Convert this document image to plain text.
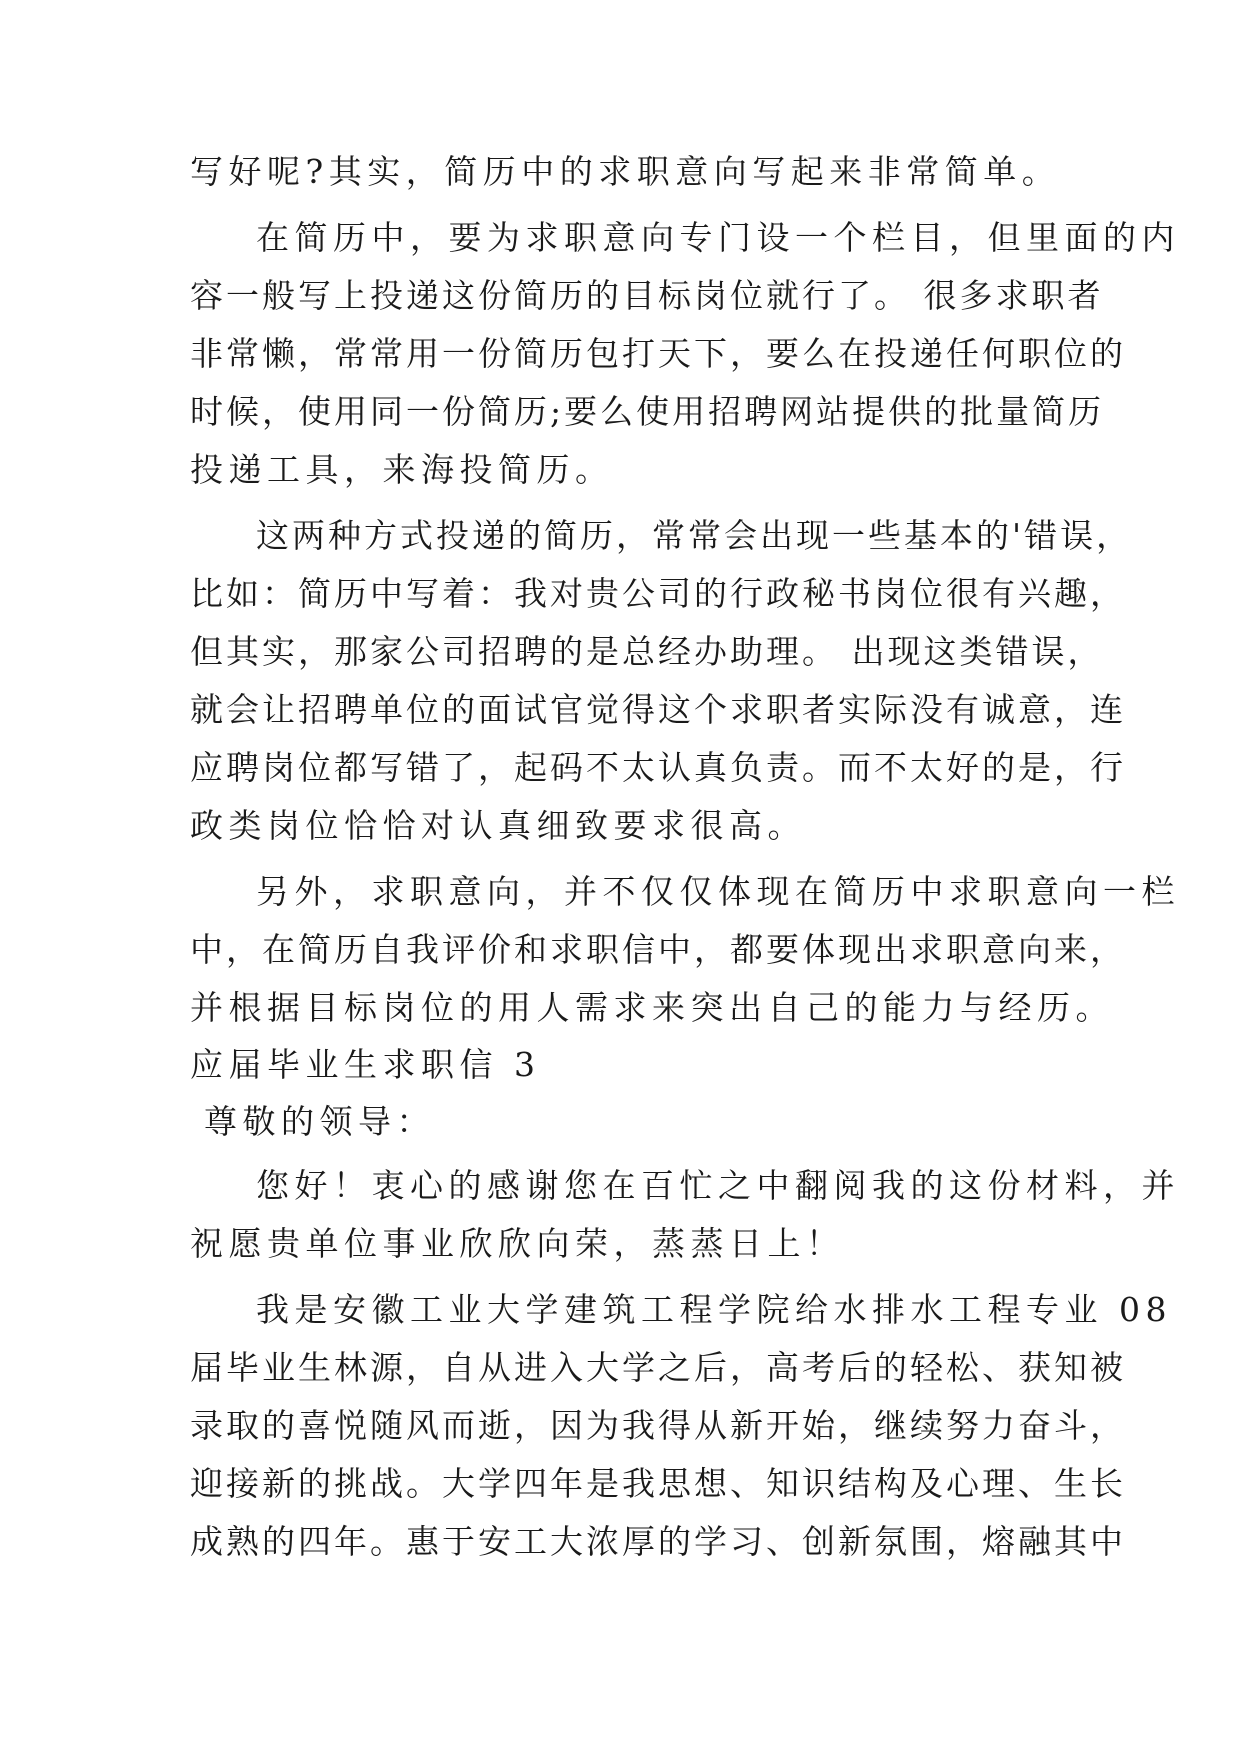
写好呢?其实，简历中的求职意向写起来非常简单。
在简历中，要为求职意向专门设一个栏目，但里面的内
容一般写上投递这份简历的目标岗位就行了。 很多求职者
非常懒，常常用一份简历包打天下，要么在投递任何职位的
时候，使用同一份简历;要么使用招聘网站提供的批量简历
投递工具，来海投简历。
这两种方式投递的简历，常常会出现一些基本的'错误，
比如：简历中写着：我对贵公司的行政秘书岗位很有兴趣，
但其实，那家公司招聘的是总经办助理。 出现这类错误，
就会让招聘单位的面试官觉得这个求职者实际没有诚意，连
应聘岗位都写错了，起码不太认真负责。而不太好的是，行
政类岗位恰恰对认真细致要求很高。
另外，求职意向，并不仅仅体现在简历中求职意向一栏
中，在简历自我评价和求职信中，都要体现出求职意向来，
并根据目标岗位的用人需求来突出自己的能力与经历。
应届毕业生求职信 3
尊敬的领导：
您好！衷心的感谢您在百忙之中翻阅我的这份材料，并
祝愿贵单位事业欣欣向荣，蒸蒸日上！
我是安徽工业大学建筑工程学院给水排水工程专业 08
届毕业生林源，自从进入大学之后，高考后的轻松、获知被
录取的喜悦随风而逝，因为我得从新开始，继续努力奋斗，
迎接新的挑战。大学四年是我思想、知识结构及心理、生长
成熟的四年。惠于安工大浓厚的学习、创新氛围，熔融其中
